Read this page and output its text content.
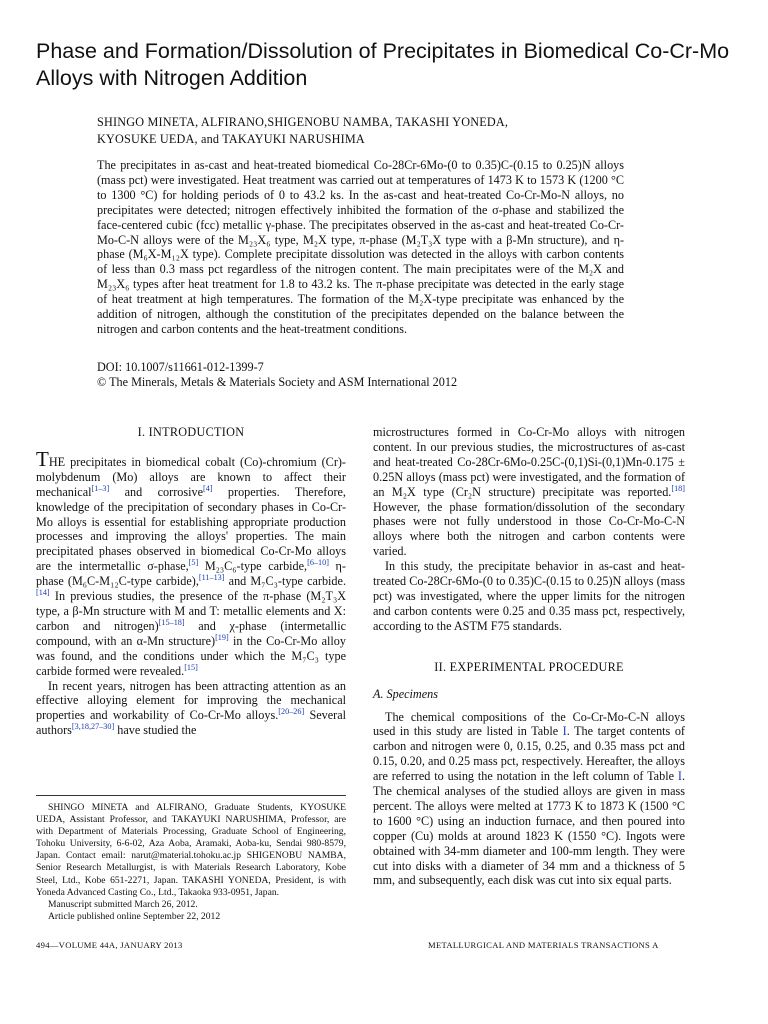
Phase and Formation/Dissolution of Precipitates in Biomedical Co-Cr-Mo Alloys with Nitrogen Addition
SHINGO MINETA, ALFIRANO,SHIGENOBU NAMBA, TAKASHI YONEDA,
KYOSUKE UEDA, and TAKAYUKI NARUSHIMA
The precipitates in as-cast and heat-treated biomedical Co-28Cr-6Mo-(0 to 0.35)C-(0.15 to 0.25)N alloys (mass pct) were investigated. Heat treatment was carried out at temperatures of 1473 K to 1573 K (1200 °C to 1300 °C) for holding periods of 0 to 43.2 ks. In the as-cast and heat-treated Co-Cr-Mo-N alloys, no precipitates were detected; nitrogen effectively inhibited the formation of the σ-phase and stabilized the face-centered cubic (fcc) metallic γ-phase. The precipitates observed in the as-cast and heat-treated Co-Cr-Mo-C-N alloys were of the M₂₃X₆ type, M₂X type, π-phase (M₂T₃X type with a β-Mn structure), and η-phase (M₆X-M₁₂X type). Complete precipitate dissolution was detected in the alloys with carbon contents of less than 0.3 mass pct regardless of the nitrogen content. The main precipitates were of the M₂X and M₂₃X₆ types after heat treatment for 1.8 to 43.2 ks. The π-phase precipitate was detected in the early stage of heat treatment at high temperatures. The formation of the M₂X-type precipitate was enhanced by the addition of nitrogen, although the constitution of the precipitates depended on the balance between the nitrogen and carbon contents and the heat-treatment conditions.
DOI: 10.1007/s11661-012-1399-7
© The Minerals, Metals & Materials Society and ASM International 2012
I. INTRODUCTION

THE precipitates in biomedical cobalt (Co)-chromium (Cr)-molybdenum (Mo) alloys are known to affect their mechanical[1–3] and corrosive[4] properties. Therefore, knowledge of the precipitation of secondary phases in Co-Cr-Mo alloys is essential for establishing appropriate production processes and improving the alloys' properties. The main precipitated phases observed in biomedical Co-Cr-Mo alloys are the intermetallic σ-phase,[5] M₂₃C₆-type carbide,[6–10] η-phase (M₆C-M₁₂C-type carbide),[11–13] and M₇C₃-type carbide.[14] In previous studies, the presence of the π-phase (M₂T₃X type, a β-Mn structure with M and T: metallic elements and X: carbon and nitrogen)[15–18] and χ-phase (intermetallic compound, with an α-Mn structure)[19] in the Co-Cr-Mo alloy was found, and the conditions under which the M₇C₃ type carbide formed were revealed.[15]

In recent years, nitrogen has been attracting attention as an effective alloying element for improving the mechanical properties and workability of Co-Cr-Mo alloys.[20–26] Several authors[3,18,27–30] have studied the

SHINGO MINETA and ALFIRANO, Graduate Students, KYOSUKE UEDA, Assistant Professor, and TAKAYUKI NARUSHIMA, Professor, are with Department of Materials Processing, Graduate School of Engineering, Tohoku University, 6-6-02, Aza Aoba, Aramaki, Aoba-ku, Sendai 980-8579, Japan. Contact email: narut@material.tohoku.ac.jp SHIGENOBU NAMBA, Senior Research Metallurgist, is with Materials Research Laboratory, Kobe Steel, Ltd., Kobe 651-2271, Japan. TAKASHI YONEDA, President, is with Yoneda Advanced Casting Co., Ltd., Takaoka 933-0951, Japan.

Manuscript submitted March 26, 2012.

Article published online September 22, 2012

microstructures formed in Co-Cr-Mo alloys with nitrogen content. In our previous studies, the microstructures of as-cast and heat-treated Co-28Cr-6Mo-0.25C-(0,1)Si-(0,1)Mn-0.175 ± 0.25N alloys (mass pct) were investigated, and the formation of an M₂X type (Cr₂N structure) precipitate was reported.[18] However, the phase formation/dissolution of the secondary phases were not fully understood in those Co-Cr-Mo-C-N alloys where both the nitrogen and carbon contents were varied.

In this study, the precipitate behavior in as-cast and heat-treated Co-28Cr-6Mo-(0 to 0.35)C-(0.15 to 0.25)N alloys (mass pct) was investigated, where the upper limits for the nitrogen and carbon contents were 0.25 and 0.35 mass pct, respectively, according to the ASTM F75 standards.

II. EXPERIMENTAL PROCEDURE
A. Specimens

The chemical compositions of the Co-Cr-Mo-C-N alloys used in this study are listed in Table I. The target contents of carbon and nitrogen were 0, 0.15, 0.25, and 0.35 mass pct and 0.15, 0.20, and 0.25 mass pct, respectively. Hereafter, the alloys are referred to using the notation in the left column of Table I. The chemical analyses of the studied alloys are given in mass percent. The alloys were melted at 1773 K to 1873 K (1500 °C to 1600 °C) using an induction furnace, and then poured into copper (Cu) molds at around 1823 K (1550 °C). Ingots were obtained with 34-mm diameter and 100-mm length. They were cut into disks with a diameter of 34 mm and a thickness of 5 mm, and subsequently, each disk was cut into six equal parts.

494—VOLUME 44A, JANUARY 2013	METALLURGICAL AND MATERIALS TRANSACTIONS A
